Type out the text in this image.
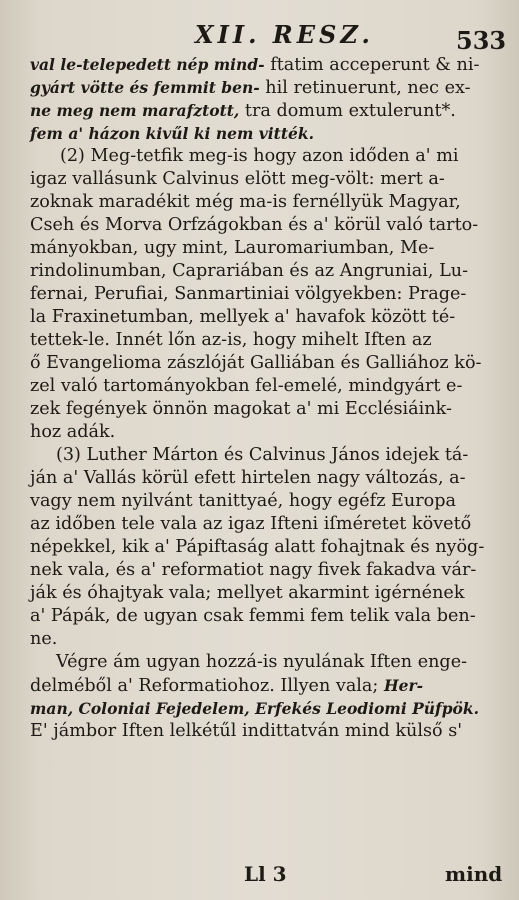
XII. RESZ.	533
val le-telepedett nép mind- ftatim acceperunt & ni-
gyárt vötte és femmit ben- hil retinuerunt, nec ex-
ne meg nem marafztott, tra domum extulerunt*.
fem a' házon kivűl ki nem vitték.
(2) Meg-tetfik meg-is hogy azon időden a' mi
igaz vallásunk Calvinus elött meg-völt: mert a-
zoknak maradékit még ma-is fernéllyük Magyar,
Cseh és Morva Orfzágokban és a' körül való tarto-
mányokban, ugy mint, Lauromariumban, Me-
rindolinumban, Caprariában és az Angruniai, Lu-
fernai, Perufiai, Sanmartiniai völgyekben: Prage-
la Fraxinetumban, mellyek a' havafok között té-
tettek-le. Innét lőn az-is, hogy mihelt Iften az
ő Evangelioma zászlóját Galliában és Galliához kö-
zel való tartományokban fel-emelé, mindgyárt e-
zek fegények önnön magokat a' mi Ecclésiáink-
hoz adák.
(3) Luther Márton és Calvinus János idejek tá-
ján a' Vallás körül efett hirtelen nagy változás, a-
vagy nem nyilvánt tanittyaé, hogy egéfz Europa
az időben tele vala az igaz Ifteni iſméretet követő
népekkel, kik a' Pápiftaság alatt fohajtnak és nyög-
nek vala, és a' reformatiot nagy fivek fakadva vár-
ják és óhajtyak vala; mellyet akarmint igérnének
a' Pápák, de ugyan csak femmi fem telik vala ben-
ne.
Végre ám ugyan hozzá-is nyulának Iften enge-
delméből a' Reformatiohoz. Illyen vala; Her-
man, Coloniai Fejedelem, Erfekés Leodiomi Püfpök.
E' jámbor Iften lelkétűl indittatván mind külső s'
Ll 3	mind
